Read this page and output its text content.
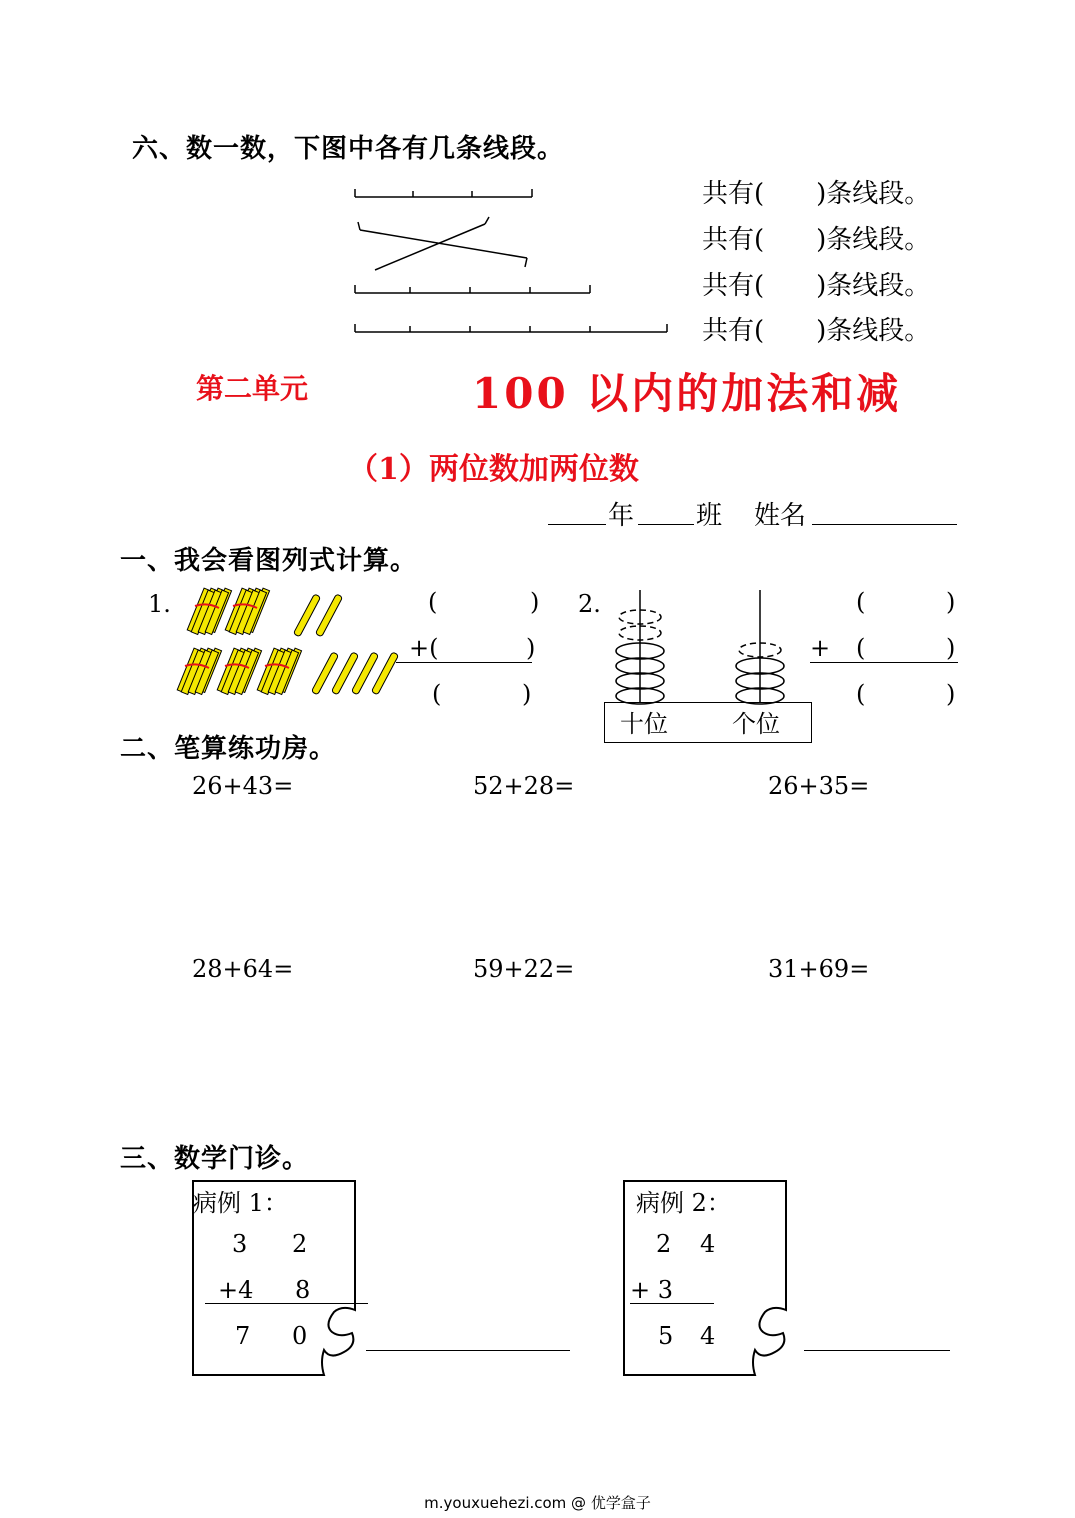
六、数一数，下图中各有几条线段。
共有(　　)条线段。
共有(　　)条线段。
共有(　　)条线段。
共有(　　)条线段。
第二单元	100 以内的加法和减
（1）两位数加两位数
年 班 姓名
一、我会看图列式计算。
1.	(	)
+(	)
(	)
2.
十位	个位
(	)
+ (	)
(	)
二、笔算练功房。
26+43=	52+28=	26+35=
28+64=	59+22=	31+69=
三、数学门诊。
病例 1：
3 2
+4 8
7 0
病例 2：
2 4
+ 3
5 4
m.youxuehezi.com @ 优学盒子
